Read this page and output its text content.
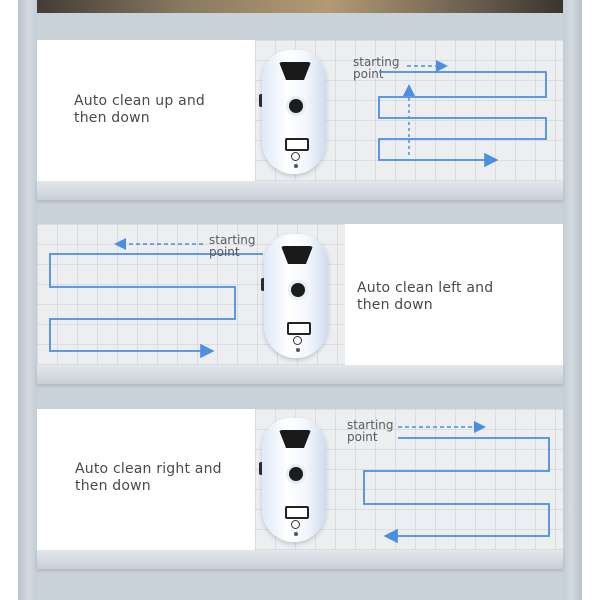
Auto clean up and
then down
starting
point
starting
point
Auto clean left and
then down
Auto clean right and
then down
starting
point
